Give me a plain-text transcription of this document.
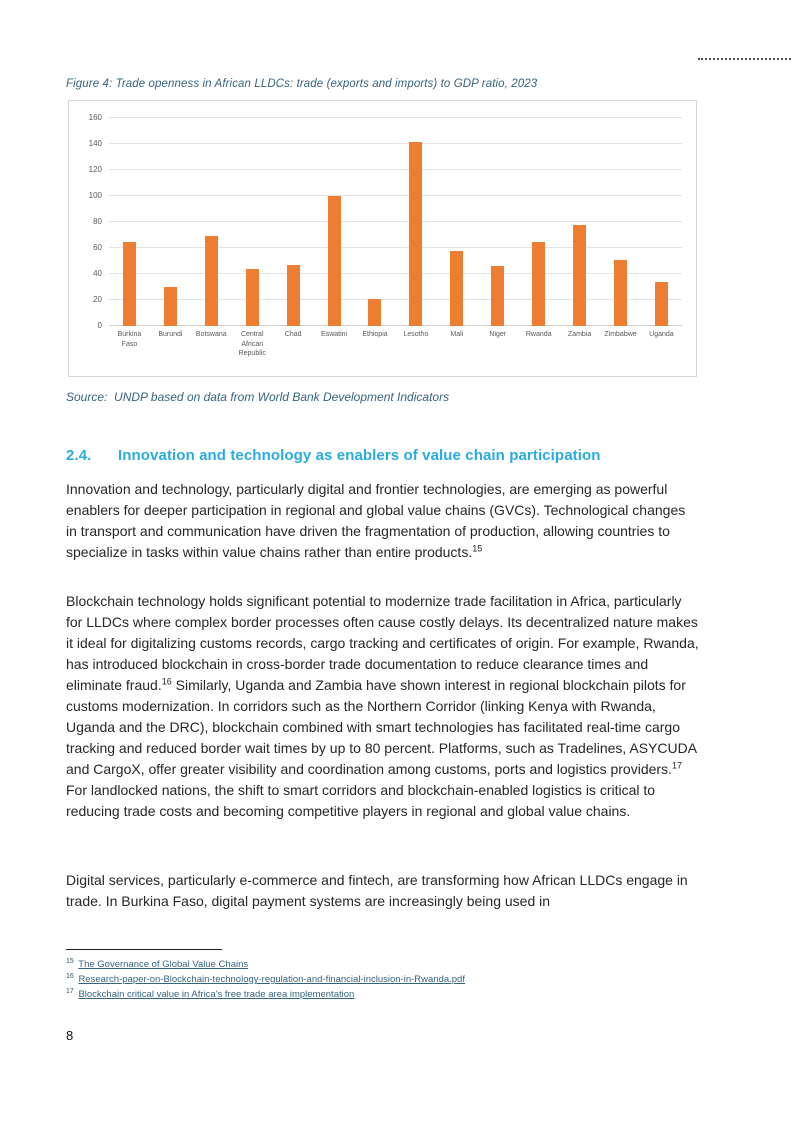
Figure 4: Trade openness in African LLDCs: trade (exports and imports) to GDP ratio, 2023
0
20
40
60
80
100
120
140
160
Burkina Faso
Burundi	Botswana	Central African Republic
Chad	Eswatini	Ethiopia	Lesotho	Mali	Niger	Rwanda	Zambia	Zimbabwe	Uganda
Source:  UNDP based on data from World Bank Development Indicators
2.4.	Innovation and technology as enablers of value chain participation

Innovation and technology, particularly digital and frontier technologies, are emerging as powerful enablers for deeper participation in regional and global value chains (GVCs). Technological changes in transport and communication have driven the fragmentation of production, allowing countries to specialize in tasks within value chains rather than entire products.$^{15}$

Blockchain technology holds significant potential to modernize trade facilitation in Africa, particularly for LLDCs where complex border processes often cause costly delays. Its decentralized nature makes it ideal for digitalizing customs records, cargo tracking and certificates of origin. For example, Rwanda, has introduced blockchain in cross-border trade documentation to reduce clearance times and eliminate fraud.$^{16}$ Similarly, Uganda and Zambia have shown interest in regional blockchain pilots for customs modernization. In corridors such as the Northern Corridor (linking Kenya with Rwanda, Uganda and the DRC), blockchain combined with smart technologies has facilitated real-time cargo tracking and reduced border wait times by up to 80 percent. Platforms, such as Tradelines, ASYCUDA and CargoX, offer greater visibility and coordination among customs, ports and logistics providers.$^{17}$ For landlocked nations, the shift to smart corridors and blockchain-enabled logistics is critical to reducing trade costs and becoming competitive players in regional and global value chains.

Digital services, particularly e-commerce and fintech, are transforming how African LLDCs engage in trade. In Burkina Faso, digital payment systems are increasingly being used in

$^{15}$ The Governance of Global Value Chains
$^{16}$ Research-paper-on-Blockchain-technology-regulation-and-financial-inclusion-in-Rwanda.pdf
$^{17}$ Blockchain critical value in Africa's free trade area implementation
8
